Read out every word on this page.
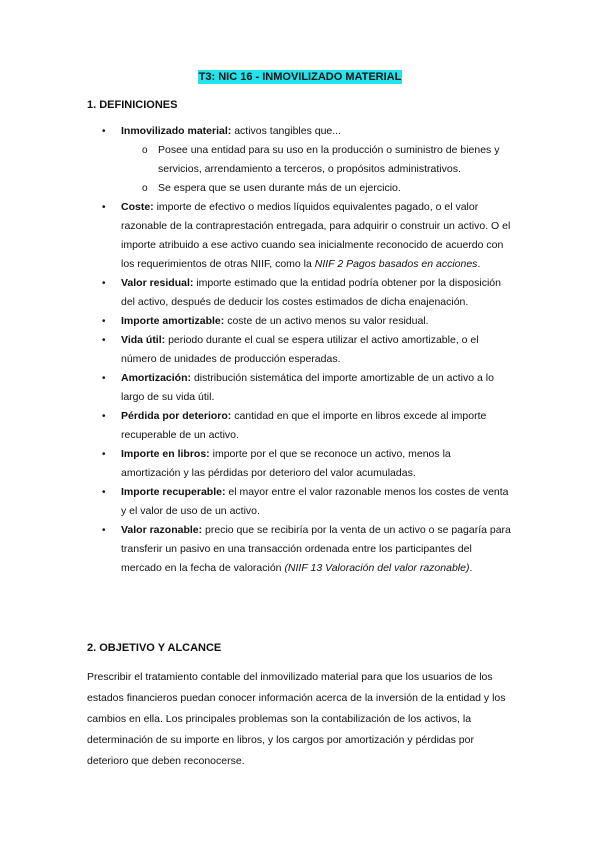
T3: NIC 16 - INMOVILIZADO MATERIAL
1. DEFINICIONES
• Inmovilizado material: activos tangibles que...
o Posee una entidad para su uso en la producción o suministro de bienes y servicios, arrendamiento a terceros, o propósitos administrativos.
o Se espera que se usen durante más de un ejercicio.
• Coste: importe de efectivo o medios líquidos equivalentes pagado, o el valor razonable de la contraprestación entregada, para adquirir o construir un activo. O el importe atribuido a ese activo cuando sea inicialmente reconocido de acuerdo con los requerimientos de otras NIIF, como la NIIF 2 Pagos basados en acciones.
• Valor residual: importe estimado que la entidad podría obtener por la disposición del activo, después de deducir los costes estimados de dicha enajenación.
• Importe amortizable: coste de un activo menos su valor residual.
• Vida útil: periodo durante el cual se espera utilizar el activo amortizable, o el número de unidades de producción esperadas.
• Amortización: distribución sistemática del importe amortizable de un activo a lo largo de su vida útil.
• Pérdida por deterioro: cantidad en que el importe en libros excede al importe recuperable de un activo.
• Importe en libros: importe por el que se reconoce un activo, menos la amortización y las pérdidas por deterioro del valor acumuladas.
• Importe recuperable: el mayor entre el valor razonable menos los costes de venta y el valor de uso de un activo.
• Valor razonable: precio que se recibiría por la venta de un activo o se pagaría para transferir un pasivo en una transacción ordenada entre los participantes del mercado en la fecha de valoración (NIIF 13 Valoración del valor razonable).
2. OBJETIVO Y ALCANCE

Prescribir el tratamiento contable del inmovilizado material para que los usuarios de los estados financieros puedan conocer información acerca de la inversión de la entidad y los cambios en ella. Los principales problemas son la contabilización de los activos, la determinación de su importe en libros, y los cargos por amortización y pérdidas por deterioro que deben reconocerse.
